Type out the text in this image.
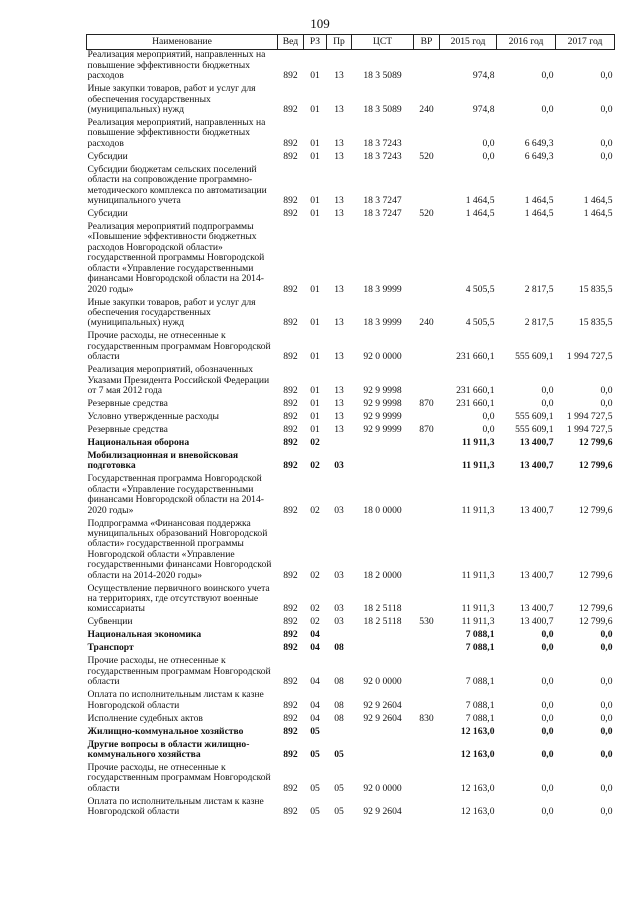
109
Наименование	Вед	РЗ	Пр	ЦСТ	ВР	2015 год	2016 год	2017 год
Реализация мероприятий, направленных на повышение эффективности бюджетных расходов	892	01	13	18 3 5089		974,8	0,0	0,0
Иные закупки товаров, работ и услуг для обеспечения государственных (муниципальных) нужд	892	01	13	18 3 5089	240	974,8	0,0	0,0
Реализация мероприятий, направленных на повышение эффективности бюджетных расходов	892	01	13	18 3 7243		0,0	6 649,3	0,0
Субсидии	892	01	13	18 3 7243	520	0,0	6 649,3	0,0
Субсидии бюджетам сельских поселений области на сопровождение программно-методического комплекса по автоматизации муниципального учета	892	01	13	18 3 7247		1 464,5	1 464,5	1 464,5
Субсидии	892	01	13	18 3 7247	520	1 464,5	1 464,5	1 464,5
Реализация мероприятий подпрограммы «Повышение эффективности бюджетных расходов Новгородской области» государственной программы Новгородской области «Управление государственными финансами Новгородской области на 2014-2020 годы»	892	01	13	18 3 9999		4 505,5	2 817,5	15 835,5
Иные закупки товаров, работ и услуг для обеспечения государственных (муниципальных) нужд	892	01	13	18 3 9999	240	4 505,5	2 817,5	15 835,5
Прочие расходы, не отнесенные к государственным программам Новгородской области	892	01	13	92 0 0000		231 660,1	555 609,1	1 994 727,5
Реализация мероприятий, обозначенных Указами Президента Российской Федерации от 7 мая 2012 года	892	01	13	92 9 9998		231 660,1	0,0	0,0
Резервные средства	892	01	13	92 9 9998	870	231 660,1	0,0	0,0
Условно утвержденные расходы	892	01	13	92 9 9999		0,0	555 609,1	1 994 727,5
Резервные средства	892	01	13	92 9 9999	870	0,0	555 609,1	1 994 727,5
Национальная оборона	892	02				11 911,3	13 400,7	12 799,6
Мобилизационная и вневойсковая подготовка	892	02	03			11 911,3	13 400,7	12 799,6
Государственная программа Новгородской области «Управление государственными финансами Новгородской области на 2014-2020 годы»	892	02	03	18 0 0000		11 911,3	13 400,7	12 799,6
Подпрограмма «Финансовая поддержка муниципальных образований Новгородской области» государственной программы Новгородской области «Управление государственными финансами Новгородской области на 2014-2020 годы»	892	02	03	18 2 0000		11 911,3	13 400,7	12 799,6
Осуществление первичного воинского учета на территориях, где отсутствуют военные комиссариаты	892	02	03	18 2 5118		11 911,3	13 400,7	12 799,6
Субвенции	892	02	03	18 2 5118	530	11 911,3	13 400,7	12 799,6
Национальная экономика	892	04				7 088,1	0,0	0,0
Транспорт	892	04	08			7 088,1	0,0	0,0
Прочие расходы, не отнесенные к государственным программам Новгородской области	892	04	08	92 0 0000		7 088,1	0,0	0,0
Оплата по исполнительным листам к казне Новгородской области	892	04	08	92 9 2604		7 088,1	0,0	0,0
Исполнение судебных актов	892	04	08	92 9 2604	830	7 088,1	0,0	0,0
Жилищно-коммунальное хозяйство	892	05				12 163,0	0,0	0,0
Другие вопросы в области жилищно-коммунального хозяйства	892	05	05			12 163,0	0,0	0,0
Прочие расходы, не отнесенные к государственным программам Новгородской области	892	05	05	92 0 0000		12 163,0	0,0	0,0
Оплата по исполнительным листам к казне Новгородской области	892	05	05	92 9 2604		12 163,0	0,0	0,0
